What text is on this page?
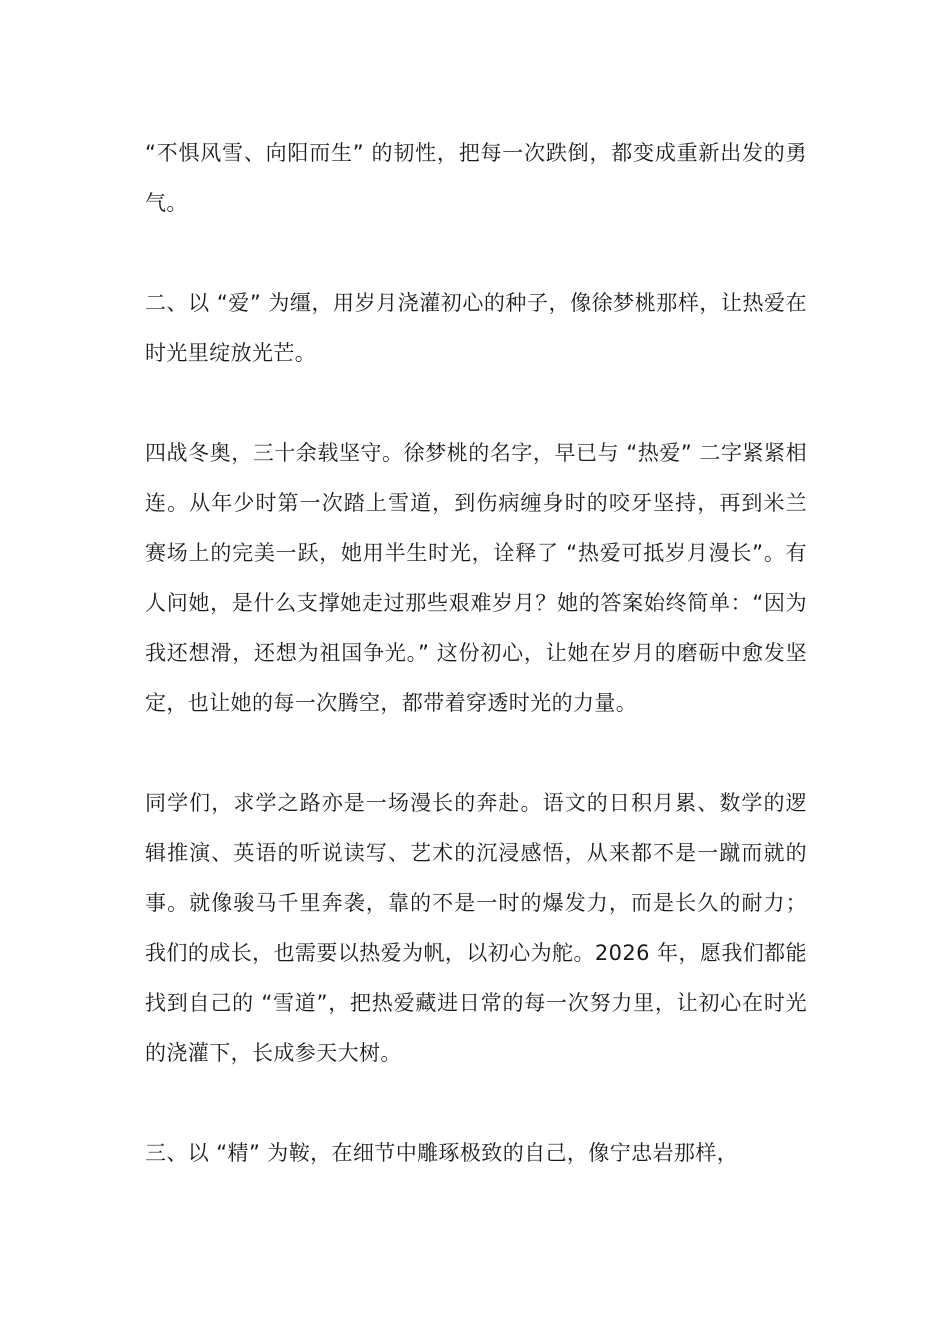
“不惧风雪、向阳而生” 的韧性，把每一次跌倒，都变成重新出发的勇气。

二、以 “爱” 为缰，用岁月浇灌初心的种子，像徐梦桃那样，让热爱在时光里绽放光芒。

四战冬奥，三十余载坚守。徐梦桃的名字，早已与 “热爱” 二字紧紧相连。从年少时第一次踏上雪道，到伤病缠身时的咬牙坚持，再到米兰赛场上的完美一跃，她用半生时光，诠释了 “热爱可抵岁月漫长”。有人问她，是什么支撑她走过那些艰难岁月？她的答案始终简单：“因为我还想滑，还想为祖国争光。” 这份初心，让她在岁月的磨砺中愈发坚定，也让她的每一次腾空，都带着穿透时光的力量。

同学们，求学之路亦是一场漫长的奔赴。语文的日积月累、数学的逻辑推演、英语的听说读写、艺术的沉浸感悟，从来都不是一蹴而就的事。就像骏马千里奔袭，靠的不是一时的爆发力，而是长久的耐力；我们的成长，也需要以热爱为帆，以初心为舵。2026 年，愿我们都能找到自己的 “雪道”，把热爱藏进日常的每一次努力里，让初心在时光的浇灌下，长成参天大树。

三、以 “精” 为鞍，在细节中雕琢极致的自己，像宁忠岩那样，
